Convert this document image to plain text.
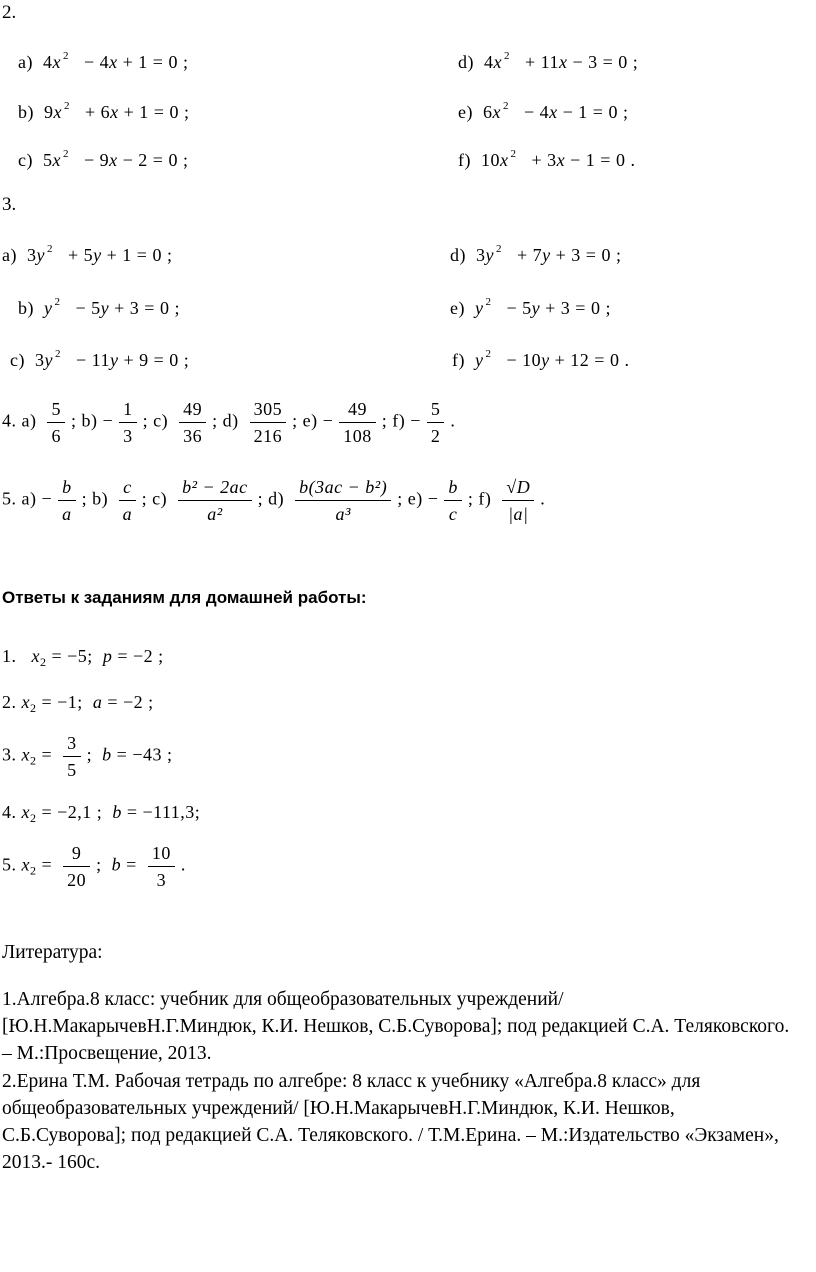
2.
a)  4x $^2$   − 4x + 1 = 0 ;
b)  9x $^2$   + 6x + 1 = 0 ;
c)  5x $^2$   − 9x − 2 = 0 ;
d)  4x $^2$   + 11x − 3 = 0 ;
e)  6x $^2$   − 4x − 1 = 0 ;
f)  10x $^2$   + 3x − 1 = 0 .
3.
a)  3y $^2$   + 5y + 1 = 0 ;
b) y $^2$   − 5y + 3 = 0 ;
c)  3y $^2$   − 11y + 9 = 0 ;
d)  3y $^2$   + 7y + 3 = 0 ;
e) y $^2$   − 5y + 3 = 0 ;
f) y $^2$   − 10y + 12 = 0 .
4. $a) \frac{5}{6}$ ; $b) - \frac{1}{3}$ ; $c) \frac{49}{36}$ ; $d) \frac{305}{216}$ ; $e) - \frac{49}{108}$ ; $f) - \frac{5}{2}$ .
5. $a) - \frac{b}{a}$ ; $b) \frac{c}{a}$ ; $c) \frac{\text{b² − 2ac}}{\text{a²}}$ ; $d) \frac{\text{b(3ac − b²)}}{\text{a³}}$ ; $e) - \frac{b}{c}$ ; $f) \frac{√D}{|a|}$ .
Ответы к заданиям для домашней работы:
1. $x_2 = -5$; p = −2 ;
2. $x_2 = -1$; a = −2 ;
3. $x_2 = \frac{3}{5}$ ;  b = −43 ;
4. $x_2 = -2,1$ ; b = −111,3;
5. $x_2 = \frac{9}{20}$ ;  $b = \frac{10}{3}$ .
Литература:
1.Алгебра.8 класс: учебник для общеобразовательных учреждений/ [Ю.Н.МакарычевН.Г.Миндюк, К.И. Нешков, С.Б.Суворова]; под редакцией С.А. Теляковского. – М.:Просвещение, 2013.
2.Ерина Т.М. Рабочая тетрадь по алгебре: 8 класс к учебнику «Алгебра.8 класс» для общеобразовательных учреждений/ [Ю.Н.МакарычевН.Г.Миндюк, К.И. Нешков, С.Б.Суворова]; под редакцией С.А. Теляковского. / Т.М.Ерина. – М.:Издательство «Экзамен», 2013.- 160с.
